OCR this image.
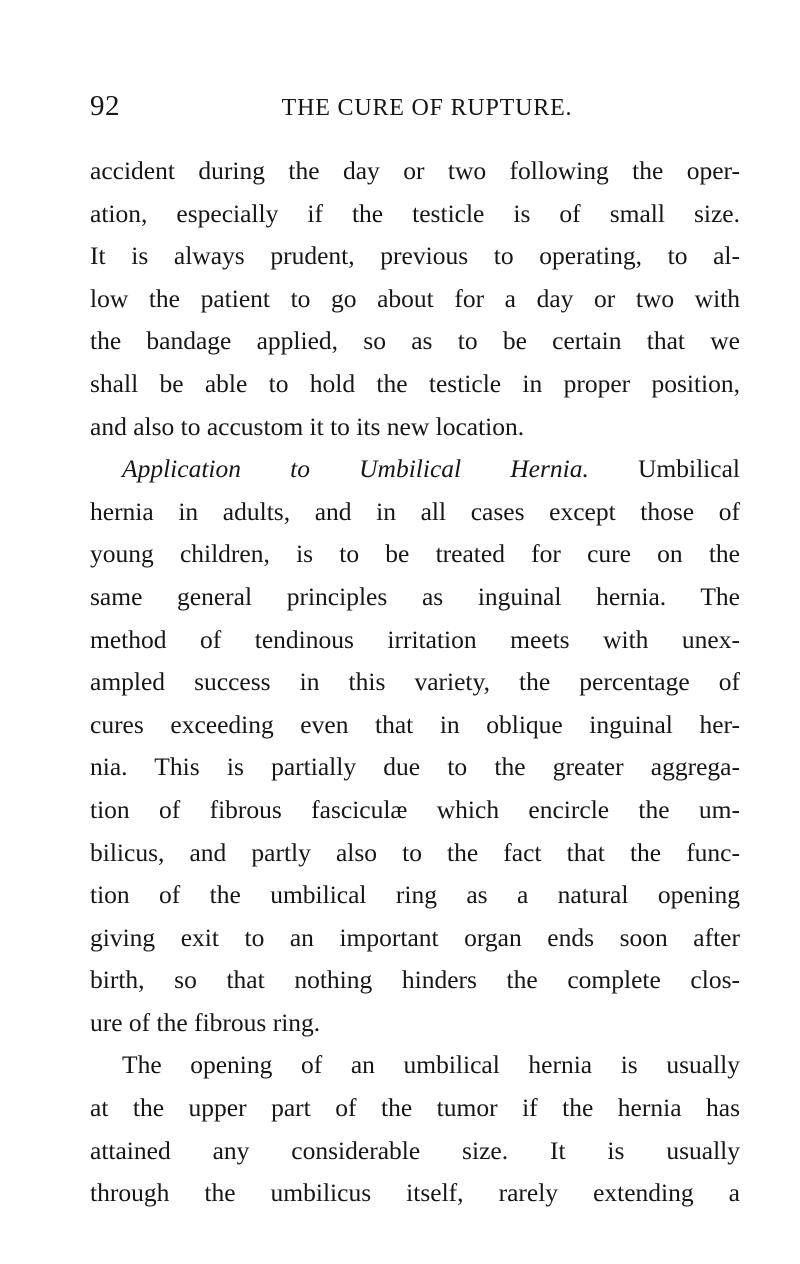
92	THE CURE OF RUPTURE.
accident during the day or two following the oper-
ation, especially if the testicle is of small size.
It is always prudent, previous to operating, to al-
low the patient to go about for a day or two with
the bandage applied, so as to be certain that we
shall be able to hold the testicle in proper position,
and also to accustom it to its new location.
Application to Umbilical Hernia. Umbilical
hernia in adults, and in all cases except those of
young children, is to be treated for cure on the
same general principles as inguinal hernia. The
method of tendinous irritation meets with unex-
ampled success in this variety, the percentage of
cures exceeding even that in oblique inguinal her-
nia. This is partially due to the greater aggrega-
tion of fibrous fasciculæ which encircle the um-
bilicus, and partly also to the fact that the func-
tion of the umbilical ring as a natural opening
giving exit to an important organ ends soon after
birth, so that nothing hinders the complete clos-
ure of the fibrous ring.
The opening of an umbilical hernia is usually
at the upper part of the tumor if the hernia has
attained any considerable size. It is usually
through the umbilicus itself, rarely extending a
